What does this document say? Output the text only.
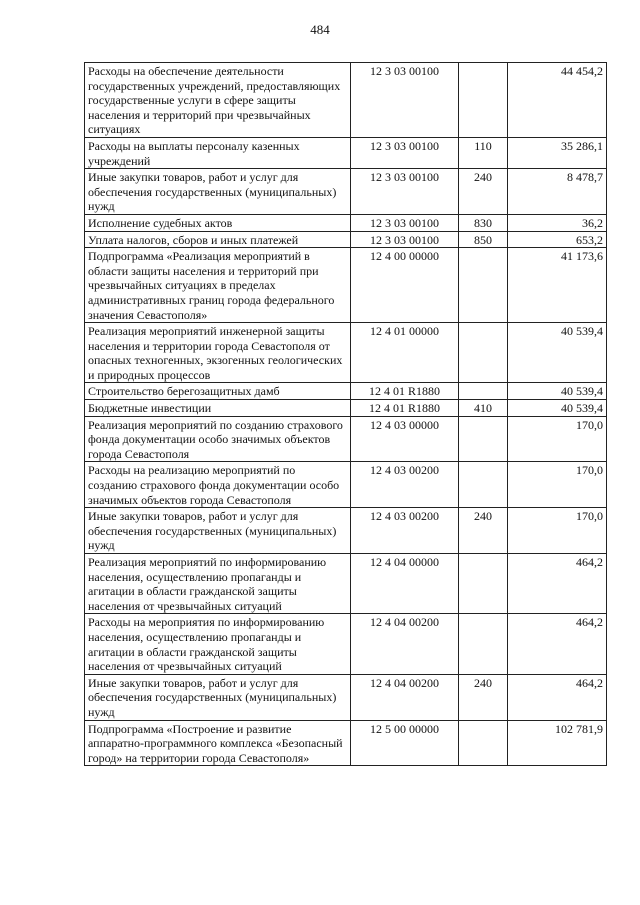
484
Расходы на обеспечение деятельности государственных учреждений, предоставляющих государственные услуги в сфере защиты населения и территорий при чрезвычайных ситуациях	12 3 03 00100		44 454,2
Расходы на выплаты персоналу казенных учреждений	12 3 03 00100	110	35 286,1
Иные закупки товаров, работ и услуг для обеспечения государственных (муниципальных) нужд	12 3 03 00100	240	8 478,7
Исполнение судебных актов	12 3 03 00100	830	36,2
Уплата налогов, сборов и иных платежей	12 3 03 00100	850	653,2
Подпрограмма «Реализация мероприятий в области защиты населения и территорий при чрезвычайных ситуациях в пределах административных границ города федерального значения Севастополя»	12 4 00 00000		41 173,6
Реализация мероприятий инженерной защиты населения и территории города Севастополя от опасных техногенных, экзогенных геологических и природных процессов	12 4 01 00000		40 539,4
Строительство берегозащитных дамб	12 4 01 R1880		40 539,4
Бюджетные инвестиции	12 4 01 R1880	410	40 539,4
Реализация мероприятий по созданию страхового фонда документации особо значимых объектов города Севастополя	12 4 03 00000		170,0
Расходы на реализацию мероприятий по созданию страхового фонда документации особо значимых объектов города Севастополя	12 4 03 00200		170,0
Иные закупки товаров, работ и услуг для обеспечения государственных (муниципальных) нужд	12 4 03 00200	240	170,0
Реализация мероприятий по информированию населения, осуществлению пропаганды и агитации в области гражданской защиты населения от чрезвычайных ситуаций	12 4 04 00000		464,2
Расходы на мероприятия по информированию населения, осуществлению пропаганды и агитации в области гражданской защиты населения от чрезвычайных ситуаций	12 4 04 00200		464,2
Иные закупки товаров, работ и услуг для обеспечения государственных (муниципальных) нужд	12 4 04 00200	240	464,2
Подпрограмма «Построение и развитие аппаратно-программного комплекса «Безопасный город» на территории города Севастополя»	12 5 00 00000		102 781,9
